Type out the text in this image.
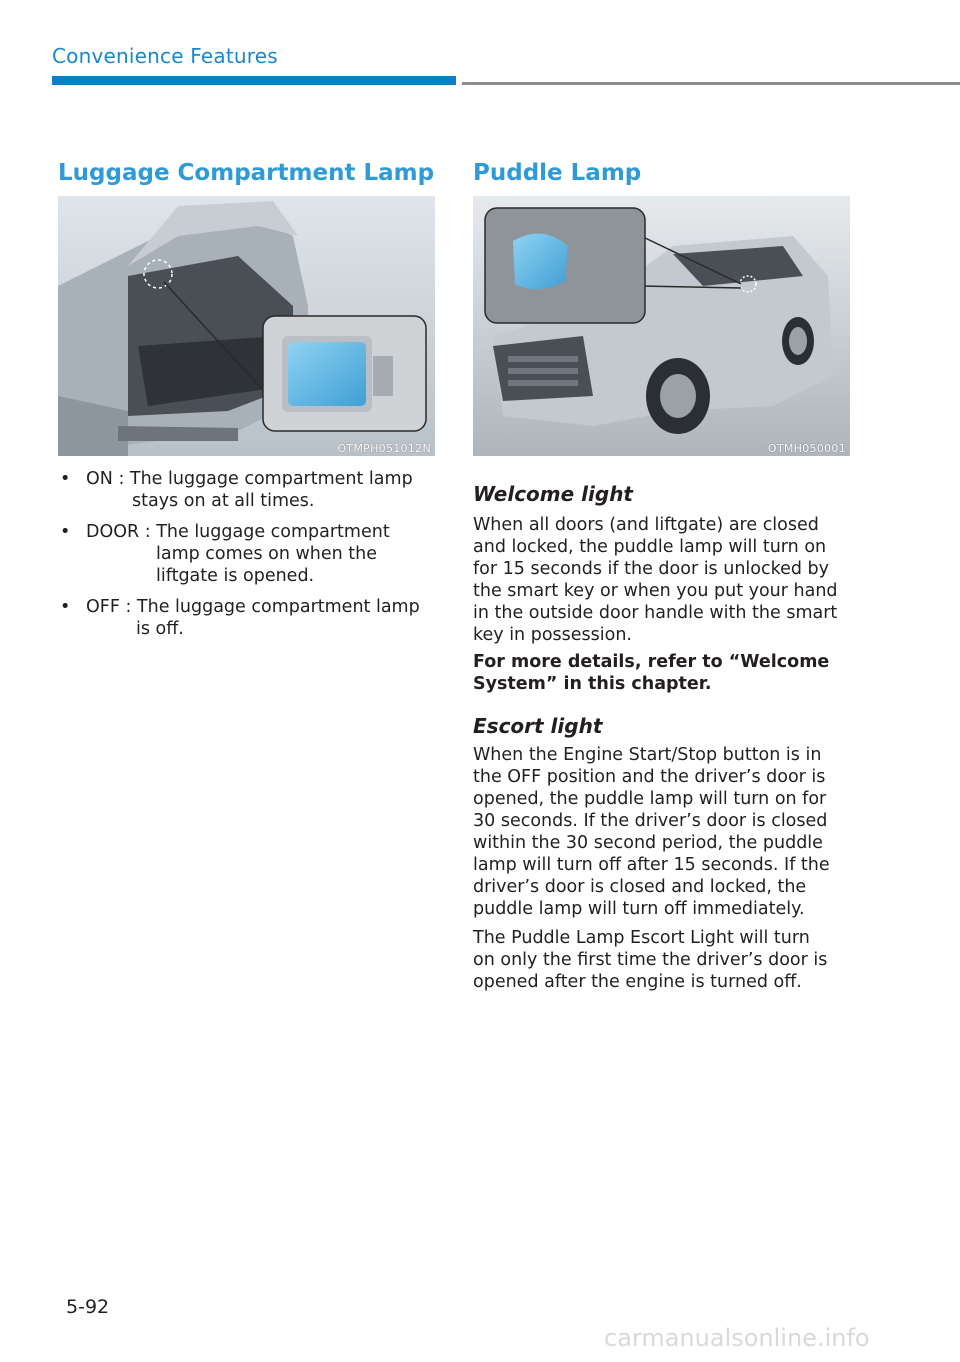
Convenience Features
Luggage Compartment Lamp
OTMPH051012N
• ON : The luggage compartment lamp
stays on at all times.
• DOOR : The luggage compartment
lamp comes on when the
liftgate is opened.
• OFF : The luggage compartment lamp
is off.
Puddle Lamp
OTMH050001
Welcome light
When all doors (and liftgate) are closed
and locked, the puddle lamp will turn on
for 15 seconds if the door is unlocked by
the smart key or when you put your hand
in the outside door handle with the smart
key in possession.
For more details, refer to “Welcome
System” in this chapter.
Escort light
When the Engine Start/Stop button is in
the OFF position and the driver’s door is
opened, the puddle lamp will turn on for
30 seconds. If the driver’s door is closed
within the 30 second period, the puddle
lamp will turn off after 15 seconds. If the
driver’s door is closed and locked, the
puddle lamp will turn off immediately.
The Puddle Lamp Escort Light will turn
on only the first time the driver’s door is
opened after the engine is turned off.
5-92
carmanualsonline.info
